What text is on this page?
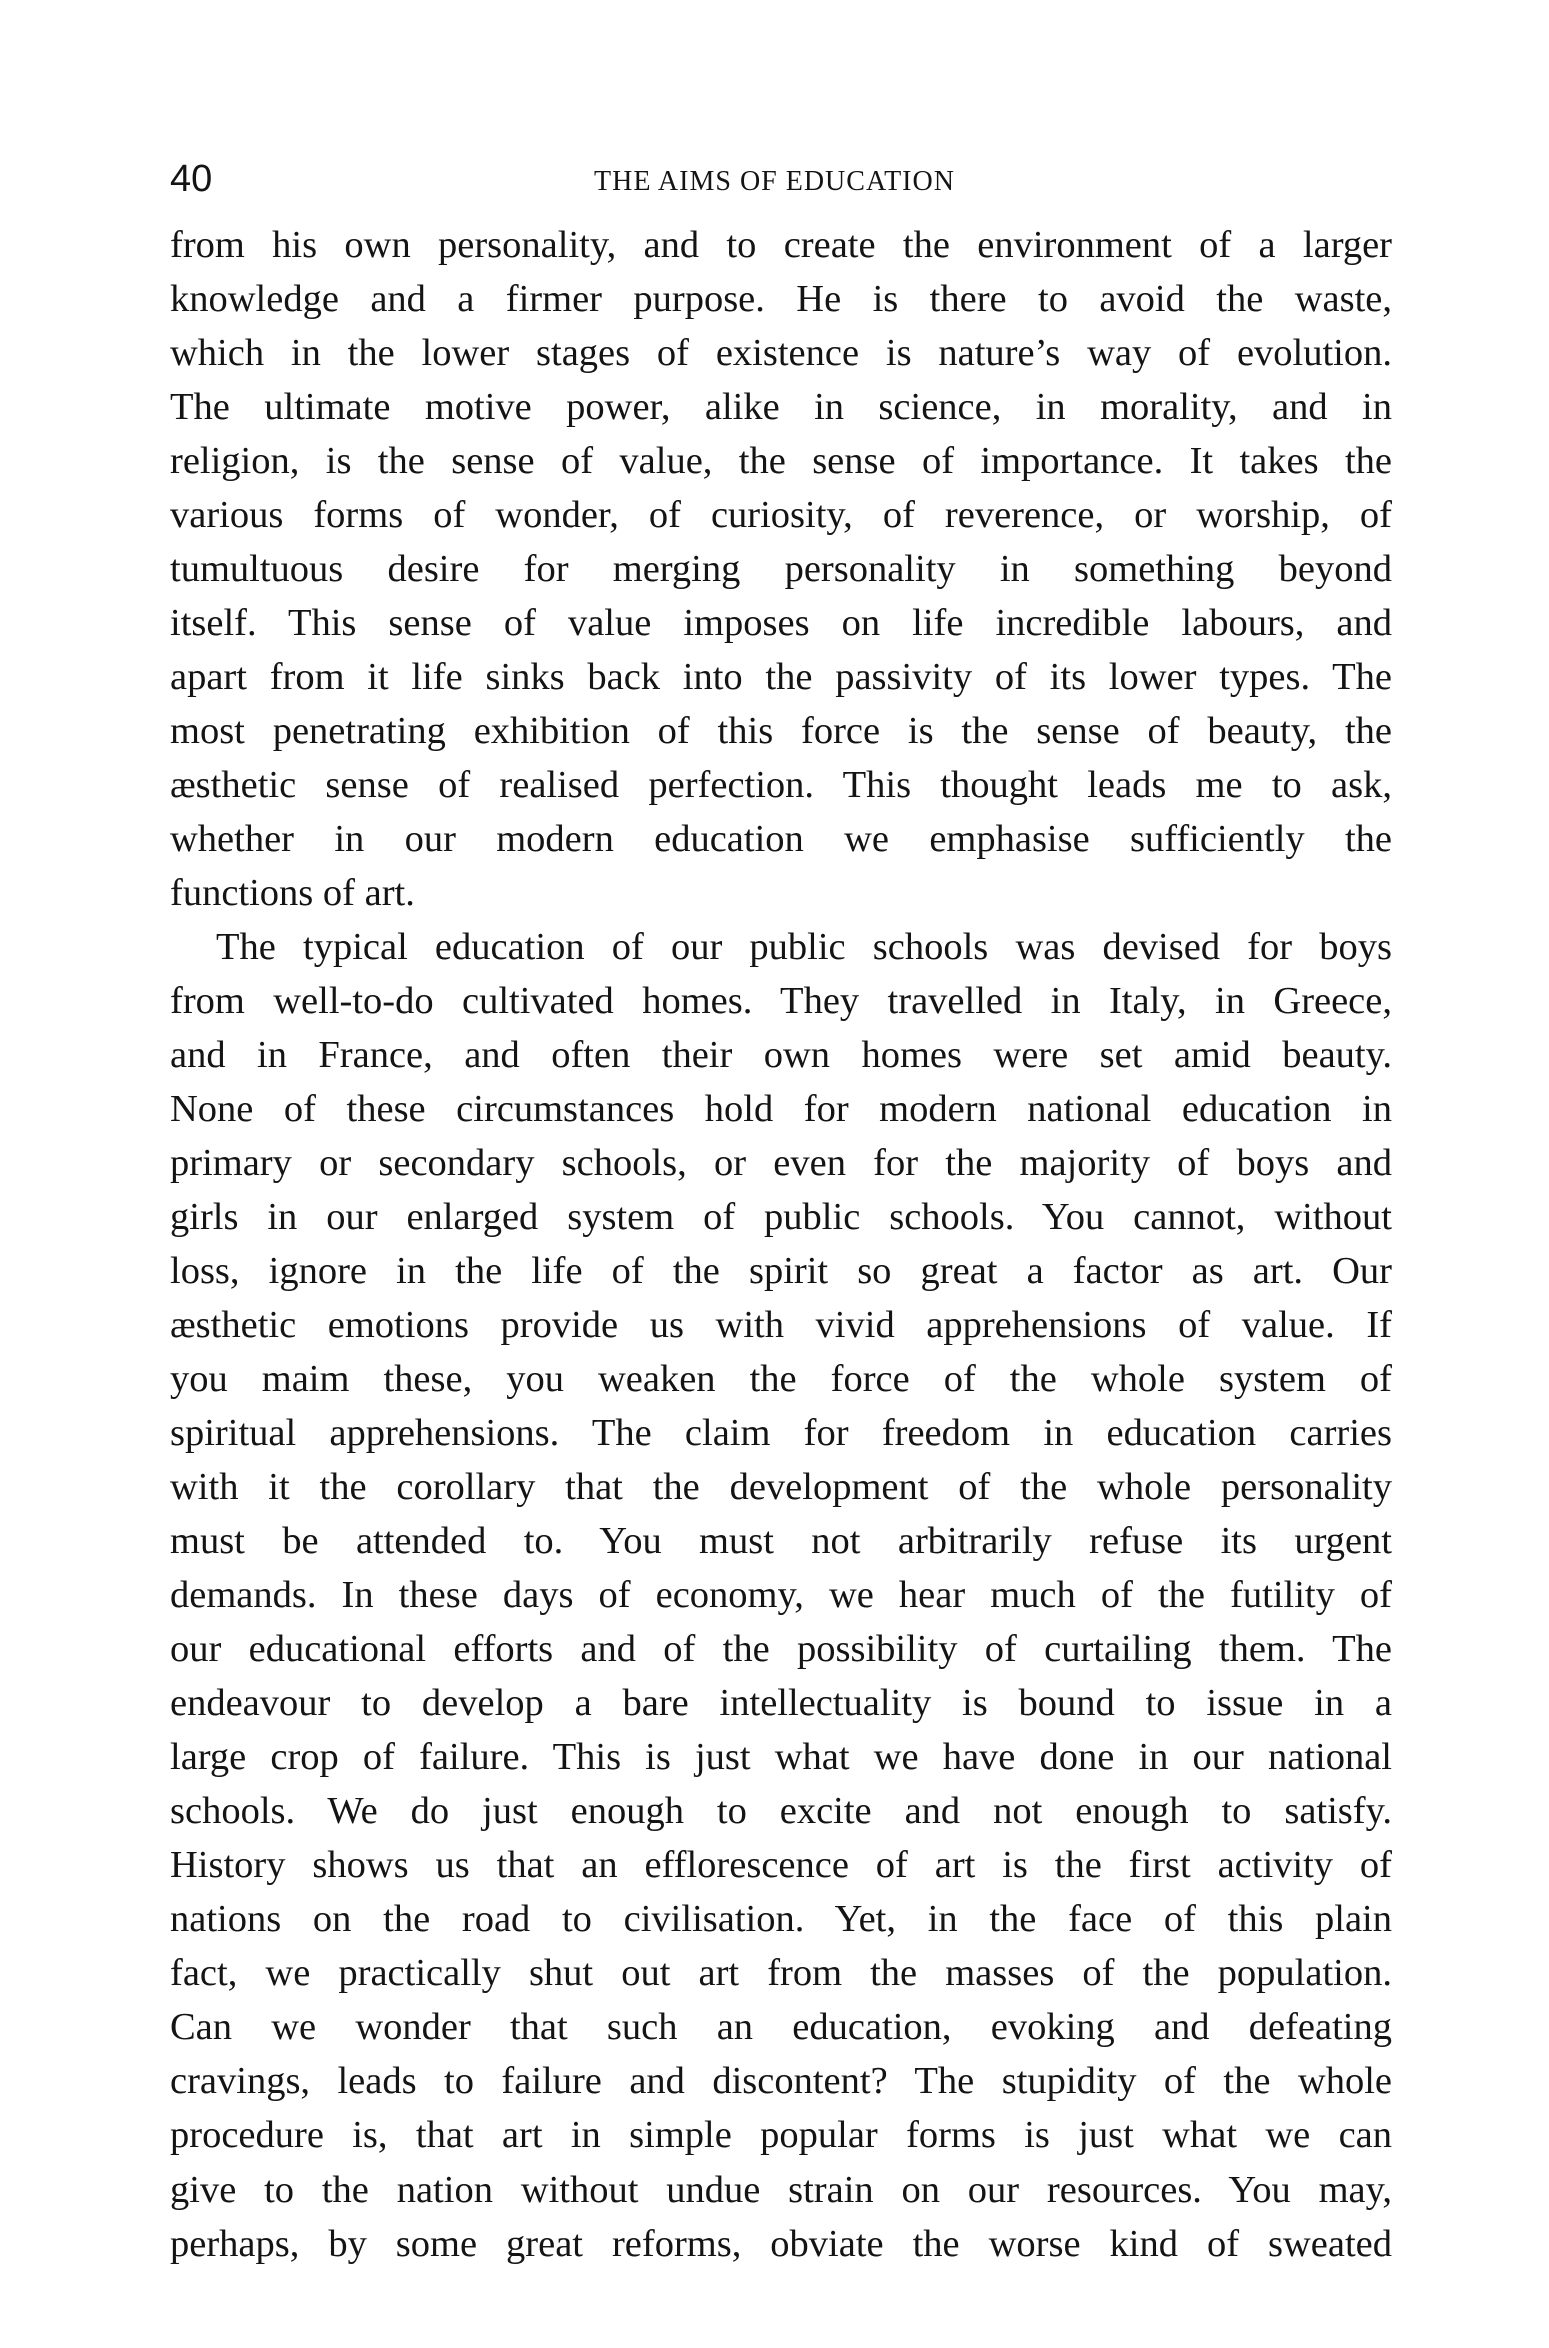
40	THE AIMS OF EDUCATION
from his own personality, and to create the environment of a larger
knowledge and a firmer purpose. He is there to avoid the waste,
which in the lower stages of existence is nature’s way of evolution.
The ultimate motive power, alike in science, in morality, and in
religion, is the sense of value, the sense of importance. It takes the
various forms of wonder, of curiosity, of reverence, or worship, of
tumultuous desire for merging personality in something beyond
itself. This sense of value imposes on life incredible labours, and
apart from it life sinks back into the passivity of its lower types. The
most penetrating exhibition of this force is the sense of beauty, the
æsthetic sense of realised perfection. This thought leads me to ask,
whether in our modern education we emphasise sufficiently the
functions of art.
The typical education of our public schools was devised for boys
from well-to-do cultivated homes. They travelled in Italy, in Greece,
and in France, and often their own homes were set amid beauty.
None of these circumstances hold for modern national education in
primary or secondary schools, or even for the majority of boys and
girls in our enlarged system of public schools. You cannot, without
loss, ignore in the life of the spirit so great a factor as art. Our
æsthetic emotions provide us with vivid apprehensions of value. If
you maim these, you weaken the force of the whole system of
spiritual apprehensions. The claim for freedom in education carries
with it the corollary that the development of the whole personality
must be attended to. You must not arbitrarily refuse its urgent
demands. In these days of economy, we hear much of the futility of
our educational efforts and of the possibility of curtailing them. The
endeavour to develop a bare intellectuality is bound to issue in a
large crop of failure. This is just what we have done in our national
schools. We do just enough to excite and not enough to satisfy.
History shows us that an efflorescence of art is the first activity of
nations on the road to civilisation. Yet, in the face of this plain
fact, we practically shut out art from the masses of the population.
Can we wonder that such an education, evoking and defeating
cravings, leads to failure and discontent? The stupidity of the whole
procedure is, that art in simple popular forms is just what we can
give to the nation without undue strain on our resources. You may,
perhaps, by some great reforms, obviate the worse kind of sweated
